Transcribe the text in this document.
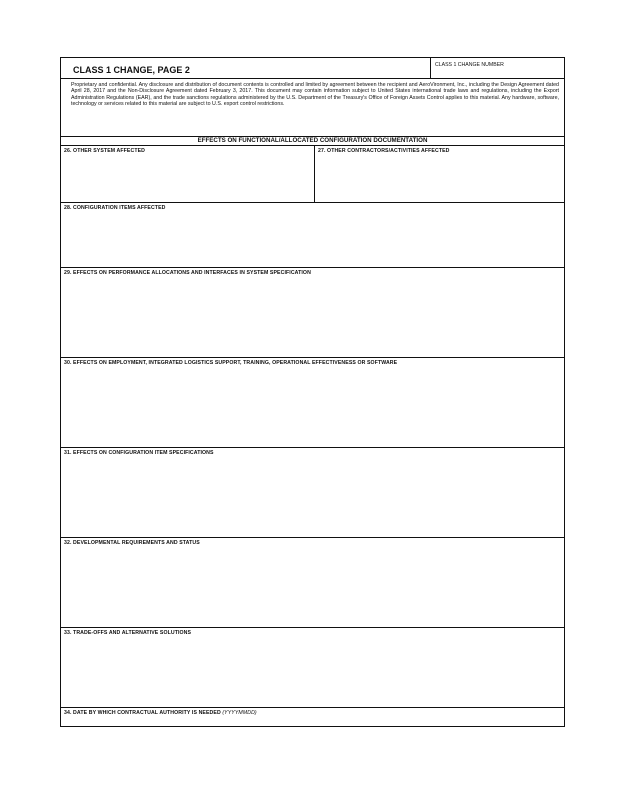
CLASS 1 CHANGE, PAGE 2	CLASS 1 CHANGE NUMBER
Proprietary and confidential. Any disclosure and distribution of document contents is controlled and limited by agreement between the recipient and AeroVironment, Inc., including the Design Agreement dated April 28, 2017 and the Non-Disclosure Agreement dated February 3, 2017. This document may contain information subject to United States international trade laws and regulations, including the Export Administration Regulations (EAR), and the trade sanctions regulations administered by the U.S. Department of the Treasury's Office of Foreign Assets Control applies to this material. Any hardware, software, technology or services related to this material are subject to U.S. export control restrictions.
EFFECTS ON FUNCTIONAL/ALLOCATED CONFIGURATION DOCUMENTATION
26. OTHER SYSTEM AFFECTED	27. OTHER CONTRACTORS/ACTIVITIES AFFECTED
28. CONFIGURATION ITEMS AFFECTED
29. EFFECTS ON PERFORMANCE ALLOCATIONS AND INTERFACES IN SYSTEM SPECIFICATION
30. EFFECTS ON EMPLOYMENT, INTEGRATED LOGISTICS SUPPORT, TRAINING, OPERATIONAL EFFECTIVENESS OR SOFTWARE
31. EFFECTS ON CONFIGURATION ITEM SPECIFICATIONS
32. DEVELOPMENTAL REQUIREMENTS AND STATUS
33. TRADE-OFFS AND ALTERNATIVE SOLUTIONS
34. DATE BY WHICH CONTRACTUAL AUTHORITY IS NEEDED (YYYYMMDD)
